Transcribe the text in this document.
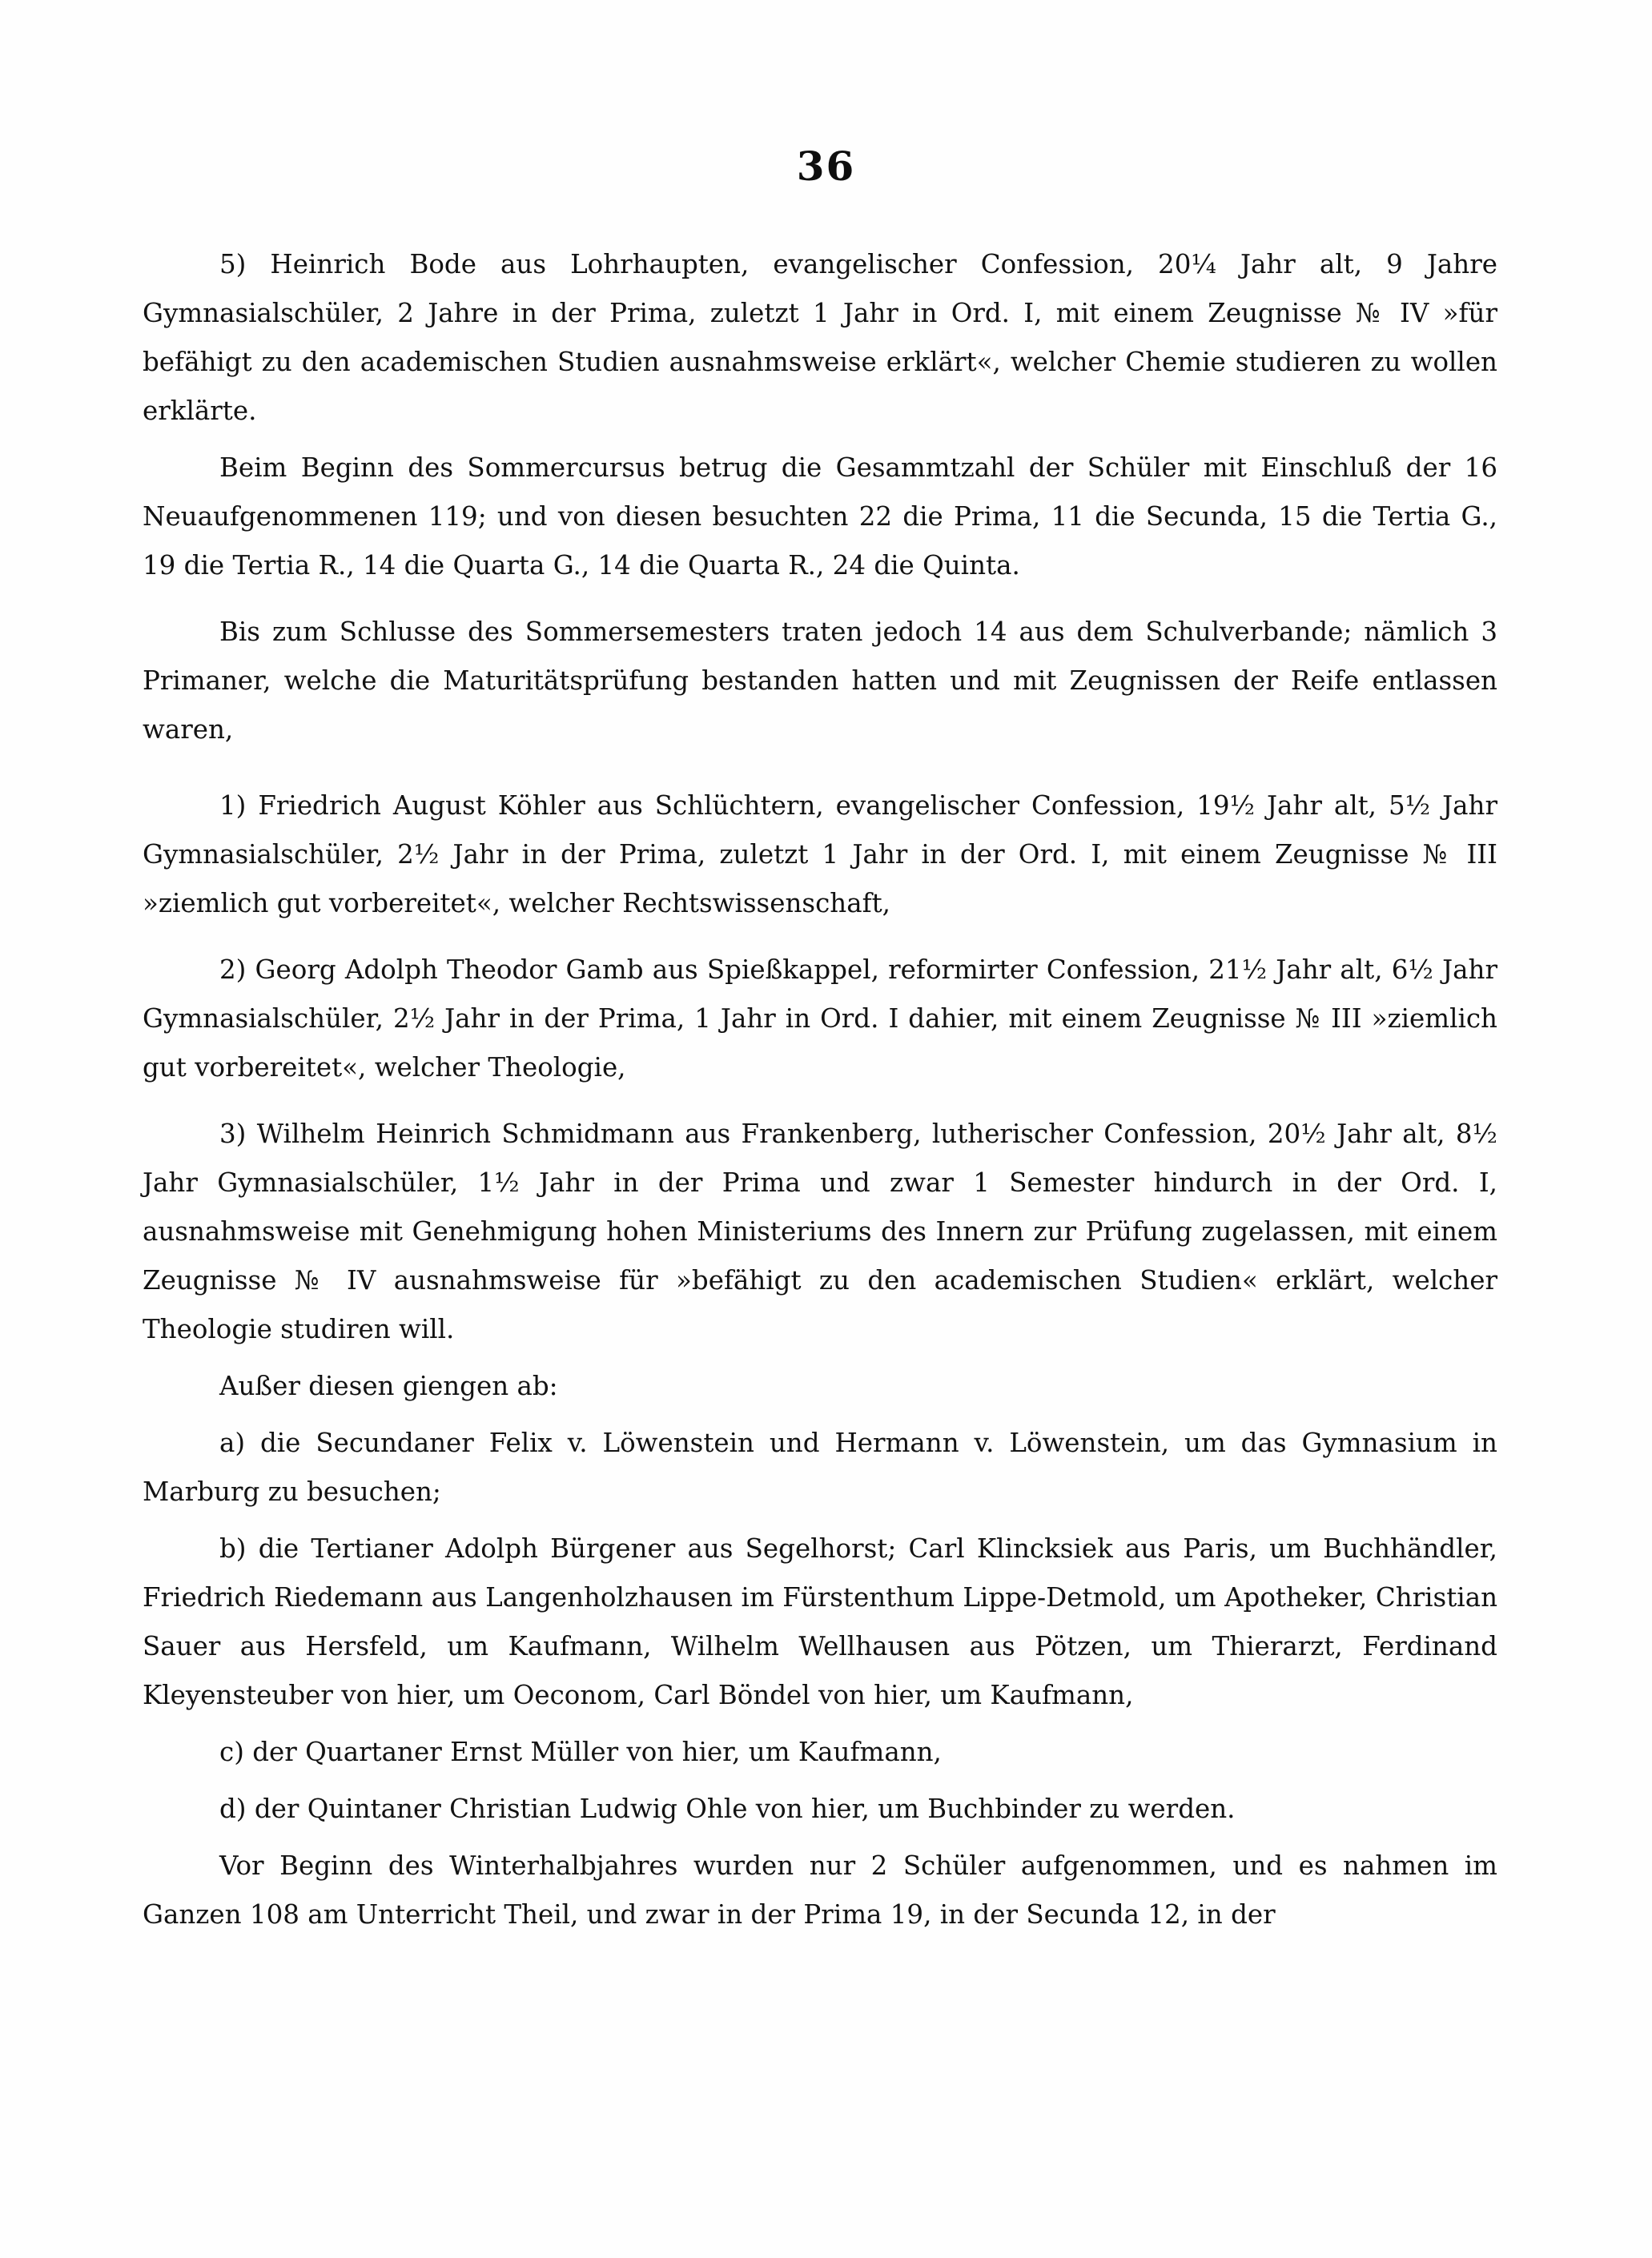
36

5) Heinrich Bode aus Lohrhaupten, evangelischer Confession, 20¼ Jahr alt, 9 Jahre Gymnasialschüler, 2 Jahre in der Prima, zuletzt 1 Jahr in Ord. I, mit einem Zeugnisse № IV »für befähigt zu den academischen Studien ausnahmsweise erklärt«, welcher Chemie studieren zu wollen erklärte.

Beim Beginn des Sommercursus betrug die Gesammtzahl der Schüler mit Einschluß der 16 Neuaufgenommenen 119; und von diesen besuchten 22 die Prima, 11 die Secunda, 15 die Tertia G., 19 die Tertia R., 14 die Quarta G., 14 die Quarta R., 24 die Quinta.

Bis zum Schlusse des Sommersemesters traten jedoch 14 aus dem Schulverbande; nämlich 3 Primaner, welche die Maturitätsprüfung bestanden hatten und mit Zeugnissen der Reife entlassen waren,

1) Friedrich August Köhler aus Schlüchtern, evangelischer Confession, 19½ Jahr alt, 5½ Jahr Gymnasialschüler, 2½ Jahr in der Prima, zuletzt 1 Jahr in der Ord. I, mit einem Zeugnisse № III »ziemlich gut vorbereitet«, welcher Rechtswissenschaft,

2) Georg Adolph Theodor Gamb aus Spießkappel, reformirter Confession, 21½ Jahr alt, 6½ Jahr Gymnasialschüler, 2½ Jahr in der Prima, 1 Jahr in Ord. I dahier, mit einem Zeugnisse № III »ziemlich gut vorbereitet«, welcher Theologie,

3) Wilhelm Heinrich Schmidmann aus Frankenberg, lutherischer Confession, 20½ Jahr alt, 8½ Jahr Gymnasialschüler, 1½ Jahr in der Prima und zwar 1 Semester hindurch in der Ord. I, ausnahmsweise mit Genehmigung hohen Ministeriums des Innern zur Prüfung zugelassen, mit einem Zeugnisse № IV ausnahmsweise für »befähigt zu den academischen Studien« erklärt, welcher Theologie studiren will.

Außer diesen giengen ab:

a) die Secundaner Felix v. Löwenstein und Hermann v. Löwenstein, um das Gymnasium in Marburg zu besuchen;

b) die Tertianer Adolph Bürgener aus Segelhorst; Carl Klincksiek aus Paris, um Buchhändler, Friedrich Riedemann aus Langenholzhausen im Fürstenthum Lippe-Detmold, um Apotheker, Christian Sauer aus Hersfeld, um Kaufmann, Wilhelm Wellhausen aus Pötzen, um Thierarzt, Ferdinand Kleyensteuber von hier, um Oeconom, Carl Böndel von hier, um Kaufmann,

c) der Quartaner Ernst Müller von hier, um Kaufmann,

d) der Quintaner Christian Ludwig Ohle von hier, um Buchbinder zu werden.

Vor Beginn des Winterhalbjahres wurden nur 2 Schüler aufgenommen, und es nahmen im Ganzen 108 am Unterricht Theil, und zwar in der Prima 19, in der Secunda 12, in der
